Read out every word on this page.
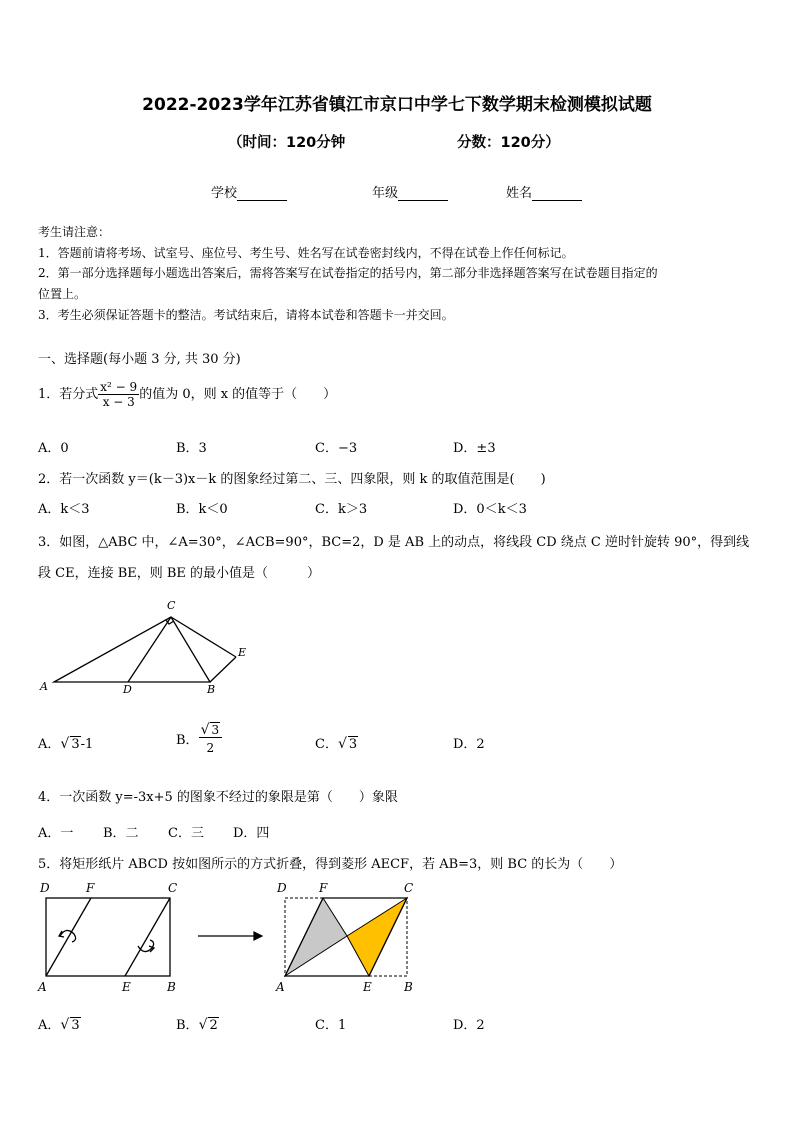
2022-2023学年江苏省镇江市京口中学七下数学期末检测模拟试题
（时间：120分钟	分数：120分）
学校	年级	姓名
考生请注意：
1．答题前请将考场、试室号、座位号、考生号、姓名写在试卷密封线内，不得在试卷上作任何标记。
2．第一部分选择题每小题选出答案后，需将答案写在试卷指定的括号内，第二部分非选择题答案写在试卷题目指定的
位置上。
3．考生必须保证答题卡的整洁。考试结束后，请将本试卷和答题卡一并交回。
一、选择题(每小题 3 分, 共 30 分)
1．若分式 $\frac{\text{x² − 9}}{x - 3}$ 的值为 0，则 x 的值等于（　　）
A．0	B．3	C．−3	D．±3
2．若一次函数 y＝(k－3)x－k 的图象经过第二、三、四象限，则 k 的取值范围是(　　)
A．k＜3	B．k＜0	C．k＞3	D．0＜k＜3
3．如图，△ABC 中，∠A=30°，∠ACB=90°，BC=2，D 是 AB 上的动点，将线段 CD 绕点 C 逆时针旋转 90°，得到线
段 CE，连接 BE，则 BE 的最小值是（　　　）
A
C
D	B
E
A．√ 3-1	B． $\frac{√ 3}{2}$	C．√ 3	D．2
4．一次函数 y=-3x+5 的图象不经过的象限是第（　　）象限
A．一 B．二 C．三 D．四
5．将矩形纸片 ABCD 按如图所示的方式折叠，得到菱形 AECF，若 AB=3，则 BC 的长为（　　）
D	F	C
A	E	B
D	F	C
A	E	B
A．√ 3	B．√ 2	C．1	D．2
